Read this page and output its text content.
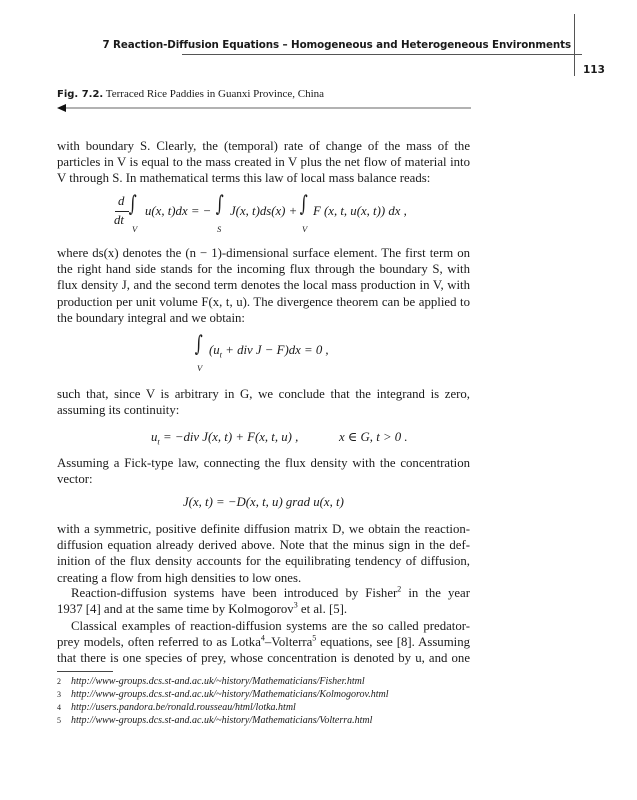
7 Reaction-Diffusion Equations – Homogeneous and Heterogeneous Environments
113
Fig. 7.2. Terraced Rice Paddies in Guanxi Province, China
with boundary S. Clearly, the (temporal) rate of change of the mass of the
particles in V is equal to the mass created in V plus the net flow of material into
V through S. In mathematical terms this law of local mass balance reads:
d
dt
∫
V
u(x, t)dx = − ∫
S
J(x, t)ds(x) + ∫
V
F (x, t, u(x, t)) dx ,
where ds(x) denotes the (n − 1)-dimensional surface element. The first term on
the right hand side stands for the incoming flux through the boundary S, with
flux density J, and the second term denotes the local mass production in V, with
production per unit volume F(x, t, u). The divergence theorem can be applied to
the boundary integral and we obtain:
∫
V
($u_t$ + div J − F)dx = 0 ,
such that, since V is arbitrary in G, we conclude that the integrand is zero,
assuming its continuity:
$u_t = -div$ J(x, t) + F(x, t, u) ,	x ∈ G, t > 0 .
Assuming a Fick-type law, connecting the flux density with the concentration
vector:
J(x, t) = −D(x, t, u) grad u(x, t)
with a symmetric, positive definite diffusion matrix D, we obtain the reaction-
diffusion equation already derived above. Note that the minus sign in the def-
inition of the flux density accounts for the equilibrating tendency of diffusion,
creating a flow from high densities to low ones.
Reaction-diffusion systems have been introduced by Fisher$^2$ in the year
1937 [4] and at the same time by Kolmogorov$^3$ et al. [5].
Classical examples of reaction-diffusion systems are the so called predator-
prey models, often referred to as Lotka$^4$–Volterra$^5$ equations, see [8]. Assuming
that there is one species of prey, whose concentration is denoted by u, and one
2 http://www-groups.dcs.st-and.ac.uk/~history/Mathematicians/Fisher.html
3 http://www-groups.dcs.st-and.ac.uk/~history/Mathematicians/Kolmogorov.html
4 http://users.pandora.be/ronald.rousseau/html/lotka.html
5 http://www-groups.dcs.st-and.ac.uk/~history/Mathematicians/Volterra.html
